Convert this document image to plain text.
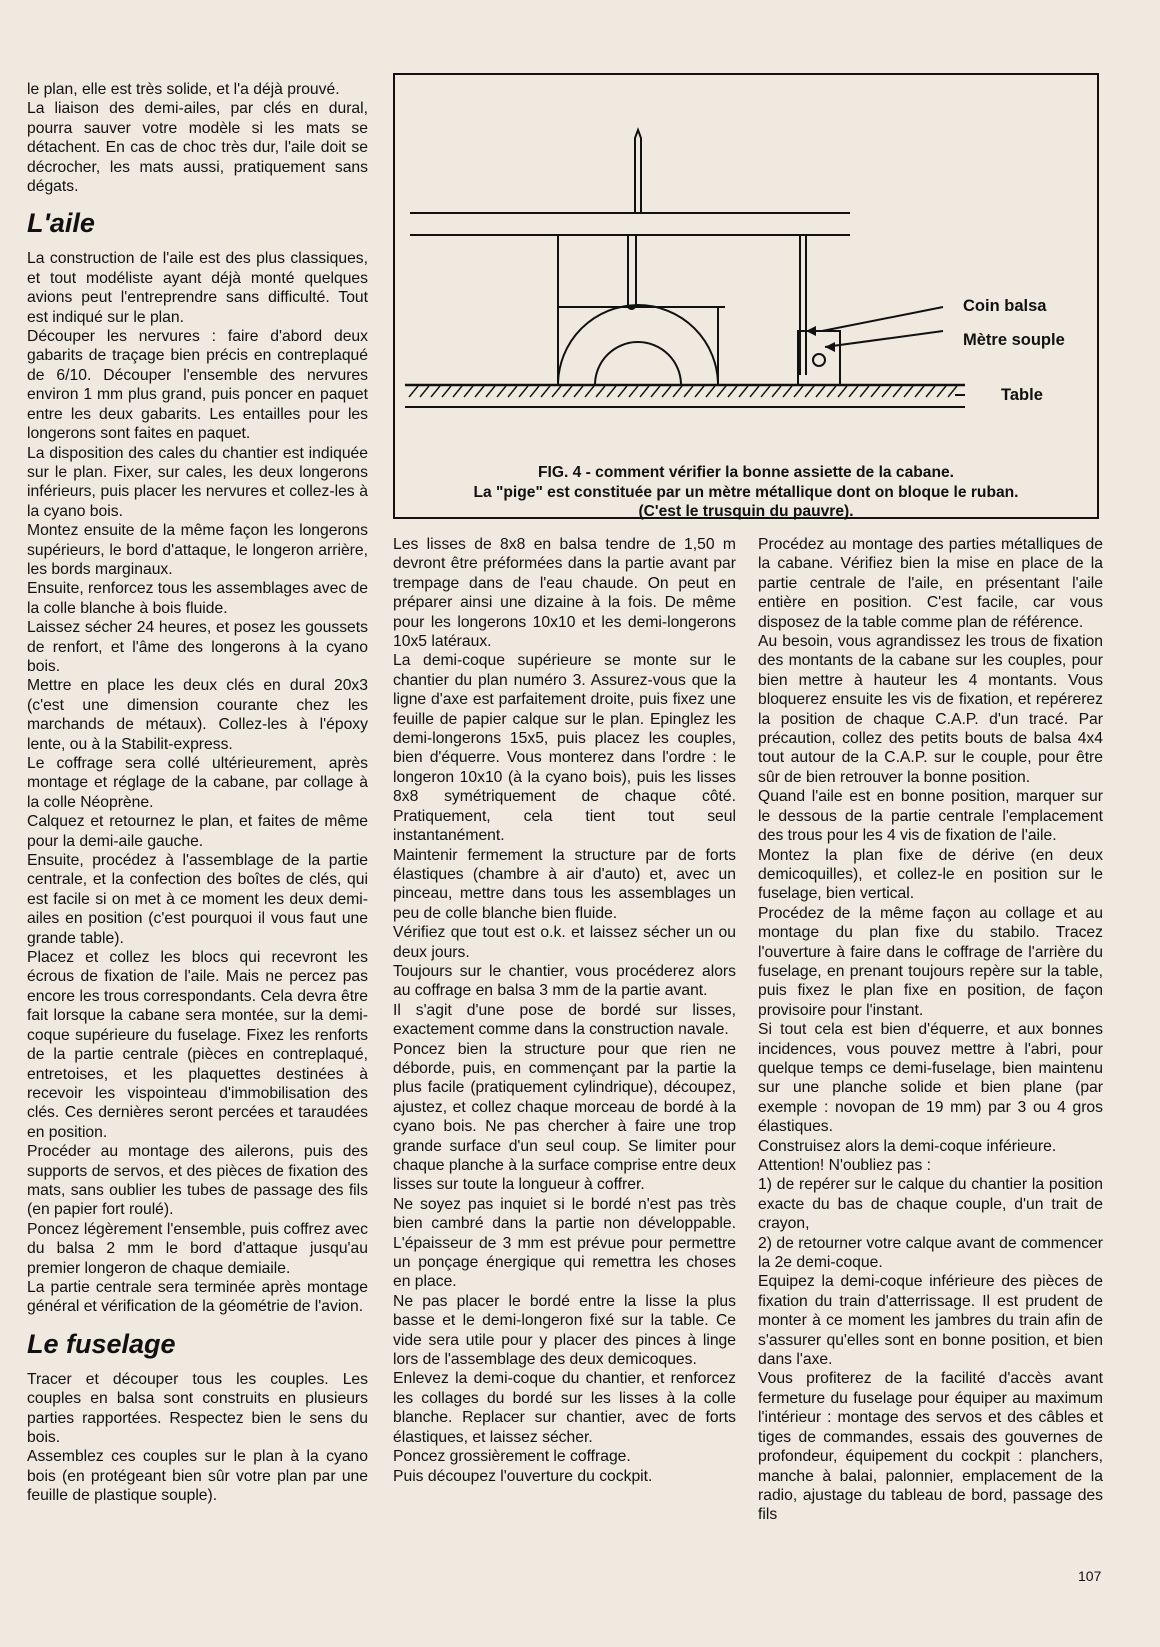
le plan, elle est très solide, et l'a déjà prouvé.

La liaison des demi-ailes, par clés en dural, pourra sauver votre modèle si les mats se détachent. En cas de choc très dur, l'aile doit se décrocher, les mats aussi, pratiquement sans dégats.

L'aile

La construction de l'aile est des plus classiques, et tout modéliste ayant déjà monté quelques avions peut l'entreprendre sans difficulté. Tout est indiqué sur le plan.

Découper les nervures : faire d'abord deux gabarits de traçage bien précis en contreplaqué de 6/10. Découper l'ensemble des nervures environ 1 mm plus grand, puis poncer en paquet entre les deux gabarits. Les entailles pour les longerons sont faites en paquet.

La disposition des cales du chantier est indiquée sur le plan. Fixer, sur cales, les deux longerons inférieurs, puis placer les nervures et collez-les à la cyano bois.

Montez ensuite de la même façon les longerons supérieurs, le bord d'attaque, le longeron arrière, les bords marginaux.

Ensuite, renforcez tous les assemblages avec de la colle blanche à bois fluide.

Laissez sécher 24 heures, et posez les goussets de renfort, et l'âme des longerons à la cyano bois.

Mettre en place les deux clés en dural 20x3 (c'est une dimension courante chez les marchands de métaux). Collez-les à l'époxy lente, ou à la Stabilit-express.

Le coffrage sera collé ultérieurement, après montage et réglage de la cabane, par collage à la colle Néoprène.

Calquez et retournez le plan, et faites de même pour la demi-aile gauche.

Ensuite, procédez à l'assemblage de la partie centrale, et la confection des boîtes de clés, qui est facile si on met à ce moment les deux demi-ailes en position (c'est pourquoi il vous faut une grande table).

Placez et collez les blocs qui recevront les écrous de fixation de l'aile. Mais ne percez pas encore les trous correspondants. Cela devra être fait lorsque la cabane sera montée, sur la demi-coque supérieure du fuselage. Fixez les renforts de la partie centrale (pièces en contreplaqué, entretoises, et les plaquettes destinées à recevoir les vispointeau d'immobilisation des clés. Ces dernières seront percées et taraudées en position.

Procéder au montage des ailerons, puis des supports de servos, et des pièces de fixation des mats, sans oublier les tubes de passage des fils (en papier fort roulé).

Poncez légèrement l'ensemble, puis coffrez avec du balsa 2 mm le bord d'attaque jusqu'au premier longeron de chaque demiaile.

La partie centrale sera terminée après montage général et vérification de la géométrie de l'avion.

Le fuselage

Tracer et découper tous les couples. Les couples en balsa sont construits en plusieurs parties rapportées. Respectez bien le sens du bois.

Assemblez ces couples sur le plan à la cyano bois (en protégeant bien sûr votre plan par une feuille de plastique souple).

Coin balsa
Mètre souple
Table
FIG. 4 - comment vérifier la bonne assiette de la cabane.
La "pige" est constituée par un mètre métallique dont on bloque le ruban.
(C'est le trusquin du pauvre).

Les lisses de 8x8 en balsa tendre de 1,50 m devront être préformées dans la partie avant par trempage dans de l'eau chaude. On peut en préparer ainsi une dizaine à la fois. De même pour les longerons 10x10 et les demi-longerons 10x5 latéraux.

La demi-coque supérieure se monte sur le chantier du plan numéro 3. Assurez-vous que la ligne d'axe est parfaitement droite, puis fixez une feuille de papier calque sur le plan. Epinglez les demi-longerons 15x5, puis placez les couples, bien d'équerre. Vous monterez dans l'ordre : le longeron 10x10 (à la cyano bois), puis les lisses 8x8 symétriquement de chaque côté. Pratiquement, cela tient tout seul instantanément.

Maintenir fermement la structure par de forts élastiques (chambre à air d'auto) et, avec un pinceau, mettre dans tous les assemblages un peu de colle blanche bien fluide.

Vérifiez que tout est o.k. et laissez sécher un ou deux jours.

Toujours sur le chantier, vous procéderez alors au coffrage en balsa 3 mm de la partie avant.

Il s'agit d'une pose de bordé sur lisses, exactement comme dans la construction navale.

Poncez bien la structure pour que rien ne déborde, puis, en commençant par la partie la plus facile (pratiquement cylindrique), découpez, ajustez, et collez chaque morceau de bordé à la cyano bois. Ne pas chercher à faire une trop grande surface d'un seul coup. Se limiter pour chaque planche à la surface comprise entre deux lisses sur toute la longueur à coffrer.

Ne soyez pas inquiet si le bordé n'est pas très bien cambré dans la partie non développable. L'épaisseur de 3 mm est prévue pour permettre un ponçage énergique qui remettra les choses en place.

Ne pas placer le bordé entre la lisse la plus basse et le demi-longeron fixé sur la table. Ce vide sera utile pour y placer des pinces à linge lors de l'assemblage des deux demicoques.

Enlevez la demi-coque du chantier, et renforcez les collages du bordé sur les lisses à la colle blanche. Replacer sur chantier, avec de forts élastiques, et laissez sécher.

Poncez grossièrement le coffrage.

Puis découpez l'ouverture du cockpit.

Procédez au montage des parties métalliques de la cabane. Vérifiez bien la mise en place de la partie centrale de l'aile, en présentant l'aile entière en position. C'est facile, car vous disposez de la table comme plan de référence.

Au besoin, vous agrandissez les trous de fixation des montants de la cabane sur les couples, pour bien mettre à hauteur les 4 montants. Vous bloquerez ensuite les vis de fixation, et repérerez la position de chaque C.A.P. d'un tracé. Par précaution, collez des petits bouts de balsa 4x4 tout autour de la C.A.P. sur le couple, pour être sûr de bien retrouver la bonne position.

Quand l'aile est en bonne position, marquer sur le dessous de la partie centrale l'emplacement des trous pour les 4 vis de fixation de l'aile.

Montez la plan fixe de dérive (en deux demicoquilles), et collez-le en position sur le fuselage, bien vertical.

Procédez de la même façon au collage et au montage du plan fixe du stabilo. Tracez l'ouverture à faire dans le coffrage de l'arrière du fuselage, en prenant toujours repère sur la table, puis fixez le plan fixe en position, de façon provisoire pour l'instant.

Si tout cela est bien d'équerre, et aux bonnes incidences, vous pouvez mettre à l'abri, pour quelque temps ce demi-fuselage, bien maintenu sur une planche solide et bien plane (par exemple : novopan de 19 mm) par 3 ou 4 gros élastiques.

Construisez alors la demi-coque inférieure.

Attention! N'oubliez pas :

1) de repérer sur le calque du chantier la position exacte du bas de chaque couple, d'un trait de crayon,

2) de retourner votre calque avant de commencer la 2e demi-coque.

Equipez la demi-coque inférieure des pièces de fixation du train d'atterrissage. Il est prudent de monter à ce moment les jambres du train afin de s'assurer qu'elles sont en bonne position, et bien dans l'axe.

Vous profiterez de la facilité d'accès avant fermeture du fuselage pour équiper au maximum l'intérieur : montage des servos et des câbles et tiges de commandes, essais des gouvernes de profondeur, équipement du cockpit : planchers, manche à balai, palonnier, emplacement de la radio, ajustage du tableau de bord, passage des fils

107
